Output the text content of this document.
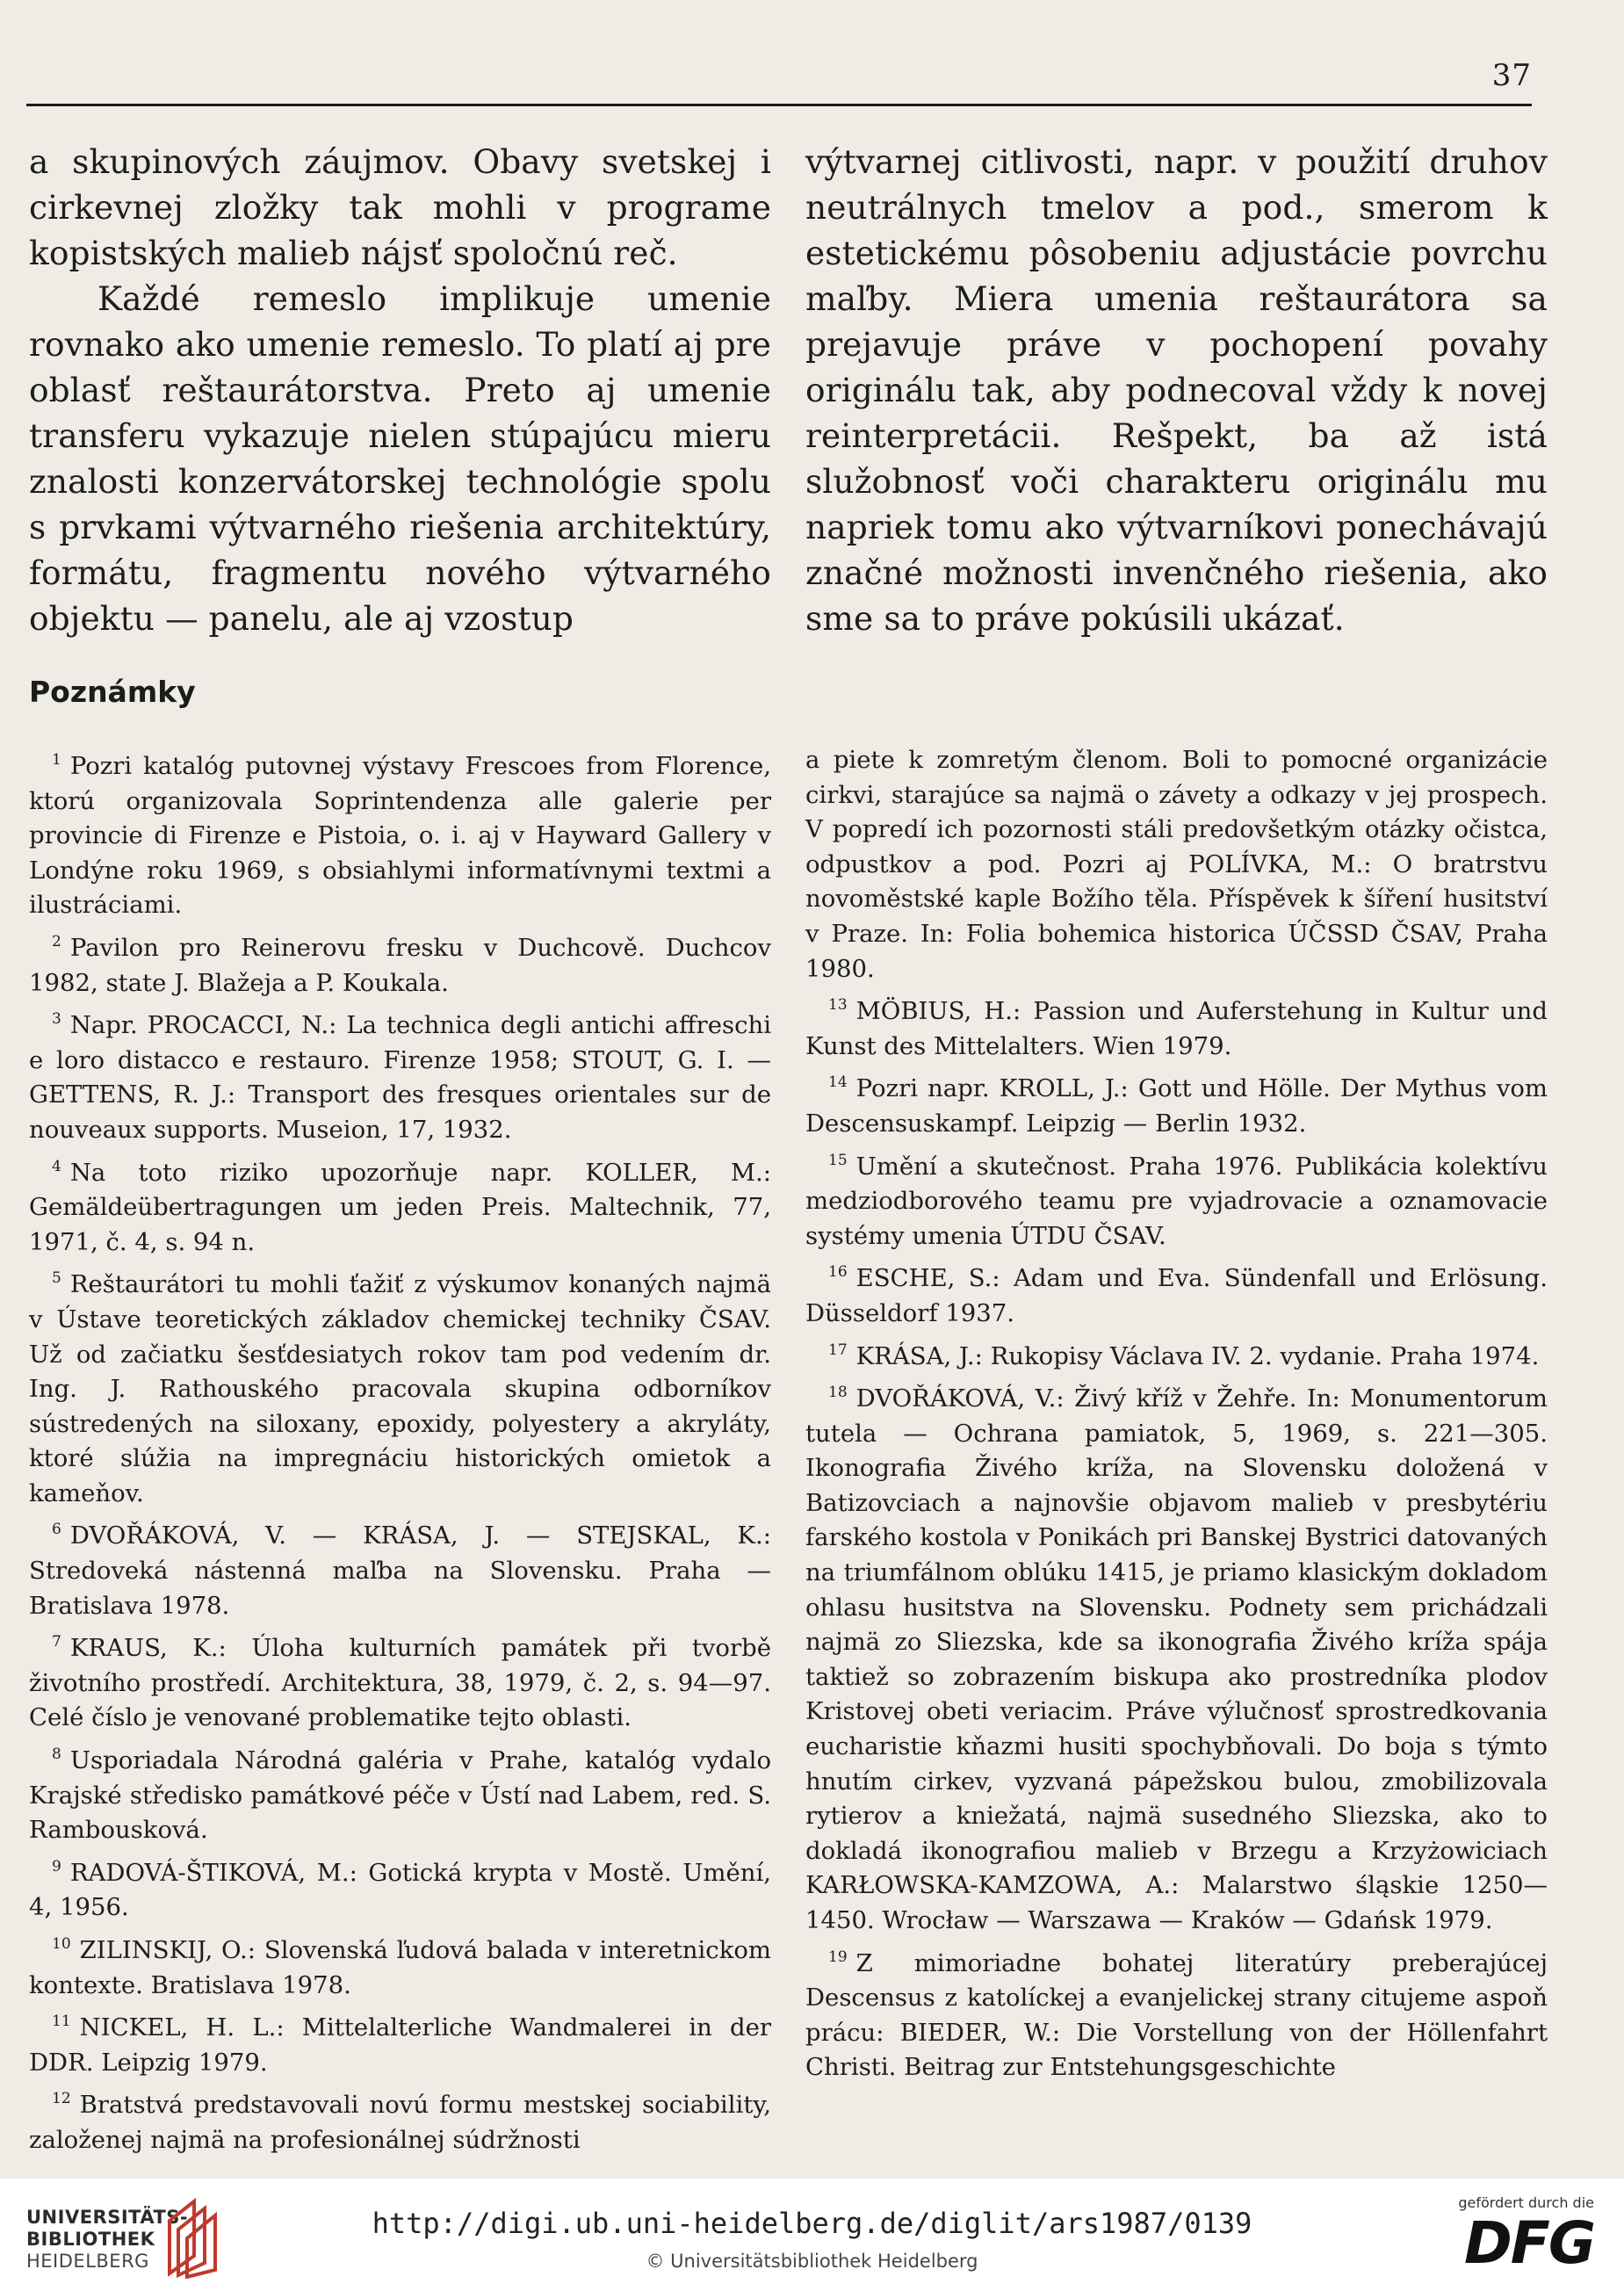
37

a skupinových záujmov. Obavy svetskej i cirkevnej zložky tak mohli v programe kopistských malieb nájsť spoločnú reč.

Každé remeslo implikuje umenie rovnako ako umenie remeslo. To platí aj pre oblasť reštaurátorstva. Preto aj umenie transferu vykazuje nielen stúpajúcu mieru znalosti konzervátorskej technológie spolu s prvkami výtvarného riešenia architektúry, formátu, fragmentu nového výtvarného objektu — panelu, ale aj vzostup

výtvarnej citlivosti, napr. v použití druhov neutrálnych tmelov a pod., smerom k estetickému pôsobeniu adjustácie povrchu maľby. Miera umenia reštaurátora sa prejavuje práve v pochopení povahy originálu tak, aby podnecoval vždy k novej reinterpretácii. Rešpekt, ba až istá služobnosť voči charakteru originálu mu napriek tomu ako výtvarníkovi ponechávajú značné možnosti invenčného riešenia, ako sme sa to práve pokúsili ukázať.

Poznámky

$^1$ Pozri katalóg putovnej výstavy Frescoes from Florence, ktorú organizovala Soprintendenza alle galerie per provincie di Firenze e Pistoia, o. i. aj v Hayward Gallery v Londýne roku 1969, s obsiahlymi informatívnymi textmi a ilustráciami.

$^2$ Pavilon pro Reinerovu fresku v Duchcově. Duchcov 1982, state J. Blažeja a P. Koukala.

$^3$ Napr. PROCACCI, N.: La technica degli antichi affreschi e loro distacco e restauro. Firenze 1958; STOUT, G. I. — GETTENS, R. J.: Transport des fresques orientales sur de nouveaux supports. Museion, 17, 1932.

$^4$ Na toto riziko upozorňuje napr. KOLLER, M.: Gemäldeübertragungen um jeden Preis. Maltechnik, 77, 1971, č. 4, s. 94 n.

$^5$ Reštaurátori tu mohli ťažiť z výskumov konaných najmä v Ústave teoretických základov chemickej techniky ČSAV. Už od začiatku šesťdesiatych rokov tam pod vedením dr. Ing. J. Rathouského pracovala skupina odborníkov sústredených na siloxany, epoxidy, polyestery a akryláty, ktoré slúžia na impregnáciu historických omietok a kameňov.

$^6$ DVOŘÁKOVÁ, V. — KRÁSA, J. — STEJSKAL, K.: Stredoveká nástenná maľba na Slovensku. Praha — Bratislava 1978.

$^7$ KRAUS, K.: Úloha kulturních památek při tvorbě životního prostředí. Architektura, 38, 1979, č. 2, s. 94—97. Celé číslo je venované problematike tejto oblasti.

$^8$ Usporiadala Národná galéria v Prahe, katalóg vydalo Krajské středisko památkové péče v Ústí nad Labem, red. S. Rambousková.

$^9$ RADOVÁ-ŠTIKOVÁ, M.: Gotická krypta v Mostě. Umění, 4, 1956.

$^{10}$ ZILINSKIJ, O.: Slovenská ľudová balada v interetnickom kontexte. Bratislava 1978.

$^{11}$ NICKEL, H. L.: Mittelalterliche Wandmalerei in der DDR. Leipzig 1979.

$^{12}$ Bratstvá predstavovali novú formu mestskej sociability, založenej najmä na profesionálnej súdržnosti

a piete k zomretým členom. Boli to pomocné organizácie cirkvi, starajúce sa najmä o závety a odkazy v jej prospech. V popredí ich pozornosti stáli predovšetkým otázky očistca, odpustkov a pod. Pozri aj POLÍVKA, M.: O bratrstvu novoměstské kaple Božího těla. Příspěvek k šíření husitství v Praze. In: Folia bohemica historica ÚČSSD ČSAV, Praha 1980.

$^{13}$ MÖBIUS, H.: Passion und Auferstehung in Kultur und Kunst des Mittelalters. Wien 1979.

$^{14}$ Pozri napr. KROLL, J.: Gott und Hölle. Der Mythus vom Descensuskampf. Leipzig — Berlin 1932.

$^{15}$ Umění a skutečnost. Praha 1976. Publikácia kolektívu medziodborového teamu pre vyjadrovacie a oznamovacie systémy umenia ÚTDU ČSAV.

$^{16}$ ESCHE, S.: Adam und Eva. Sündenfall und Erlösung. Düsseldorf 1937.

$^{17}$ KRÁSA, J.: Rukopisy Václava IV. 2. vydanie. Praha 1974.

$^{18}$ DVOŘÁKOVÁ, V.: Živý kříž v Žehře. In: Monumentorum tutela — Ochrana pamiatok, 5, 1969, s. 221—305. Ikonografia Živého kríža, na Slovensku doložená v Batizovciach a najnovšie objavom malieb v presbytériu farského kostola v Ponikách pri Banskej Bystrici datovaných na triumfálnom oblúku 1415, je priamo klasickým dokladom ohlasu husitstva na Slovensku. Podnety sem prichádzali najmä zo Sliezska, kde sa ikonografia Živého kríža spája taktiež so zobrazením biskupa ako prostredníka plodov Kristovej obeti veriacim. Práve výlučnosť sprostredkovania eucharistie kňazmi husiti spochybňovali. Do boja s týmto hnutím cirkev, vyzvaná pápežskou bulou, zmobilizovala rytierov a kniežatá, najmä susedného Sliezska, ako to dokladá ikonografiou malieb v Brzegu a Krzyżowiciach KARŁOWSKA-KAMZOWA, A.: Malarstwo śląskie 1250—1450. Wrocław — Warszawa — Kraków — Gdańsk 1979.

$^{19}$ Z mimoriadne bohatej literatúry preberajúcej Descensus z katolíckej a evanjelickej strany citujeme aspoň prácu: BIEDER, W.: Die Vorstellung von der Höllenfahrt Christi. Beitrag zur Entstehungsgeschichte

UNIVERSITÄTS-
BIBLIOTHEK
HEIDELBERG
http://digi.ub.uni-heidelberg.de/diglit/ars1987/0139
© Universitätsbibliothek Heidelberg
gefördert durch die
DFG
